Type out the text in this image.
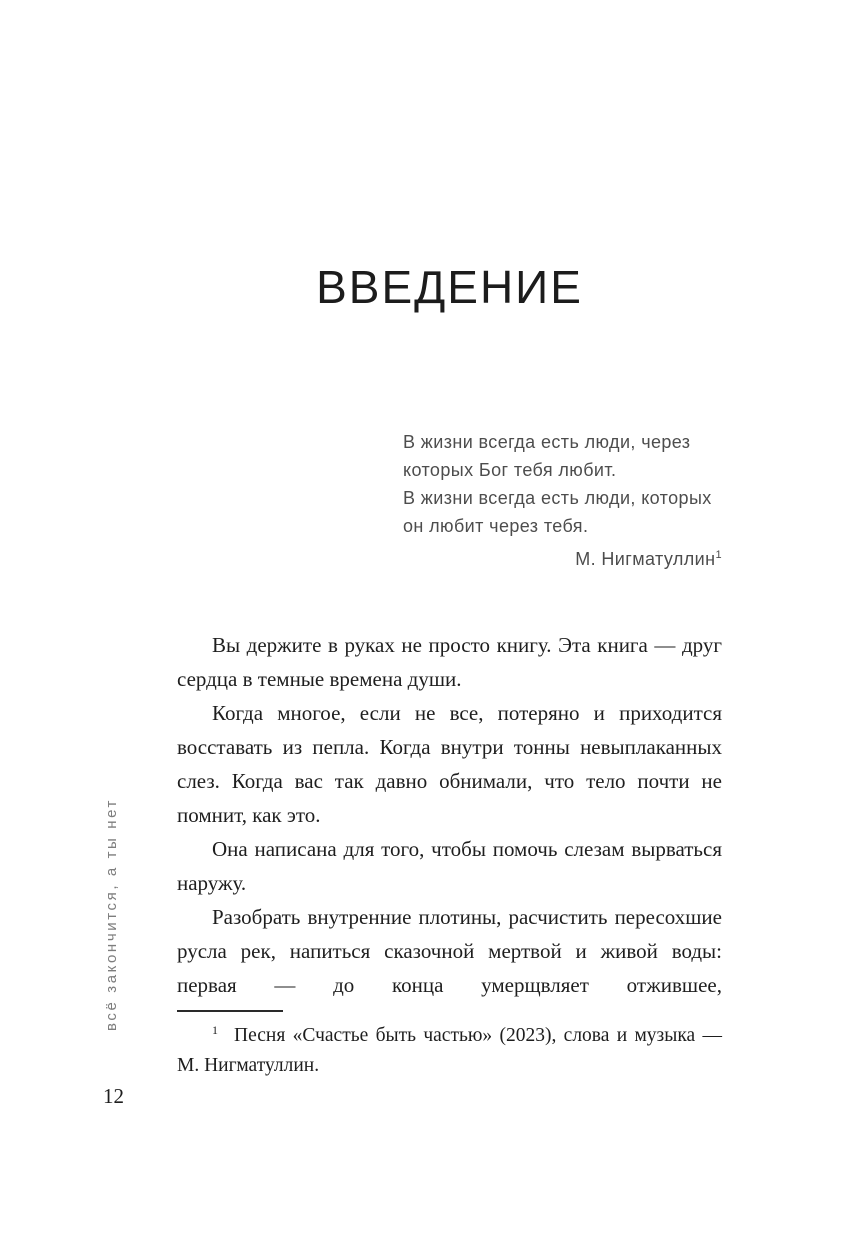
всё закончится, а ты нет
ВВЕДЕНИЕ
В жизни всегда есть люди, через
которых Бог тебя любит.
В жизни всегда есть люди, которых
он любит через тебя.
М. Нигматуллин$^1$

Вы держите в руках не просто книгу. Эта книга — друг сердца в темные времена души.

Когда многое, если не все, потеряно и приходится восставать из пепла. Когда внутри тонны невыплаканных слез. Когда вас так давно обнимали, что тело почти не помнит, как это.

Она написана для того, чтобы помочь слезам вырваться наружу.

Разобрать внутренние плотины, расчистить пересохшие русла рек, напиться сказочной мертвой и живой воды: первая — до конца умерщвляет отжившее,

$^1$ Песня «Счастье быть частью» (2023), слова и музыка — М. Нигматуллин.

12
